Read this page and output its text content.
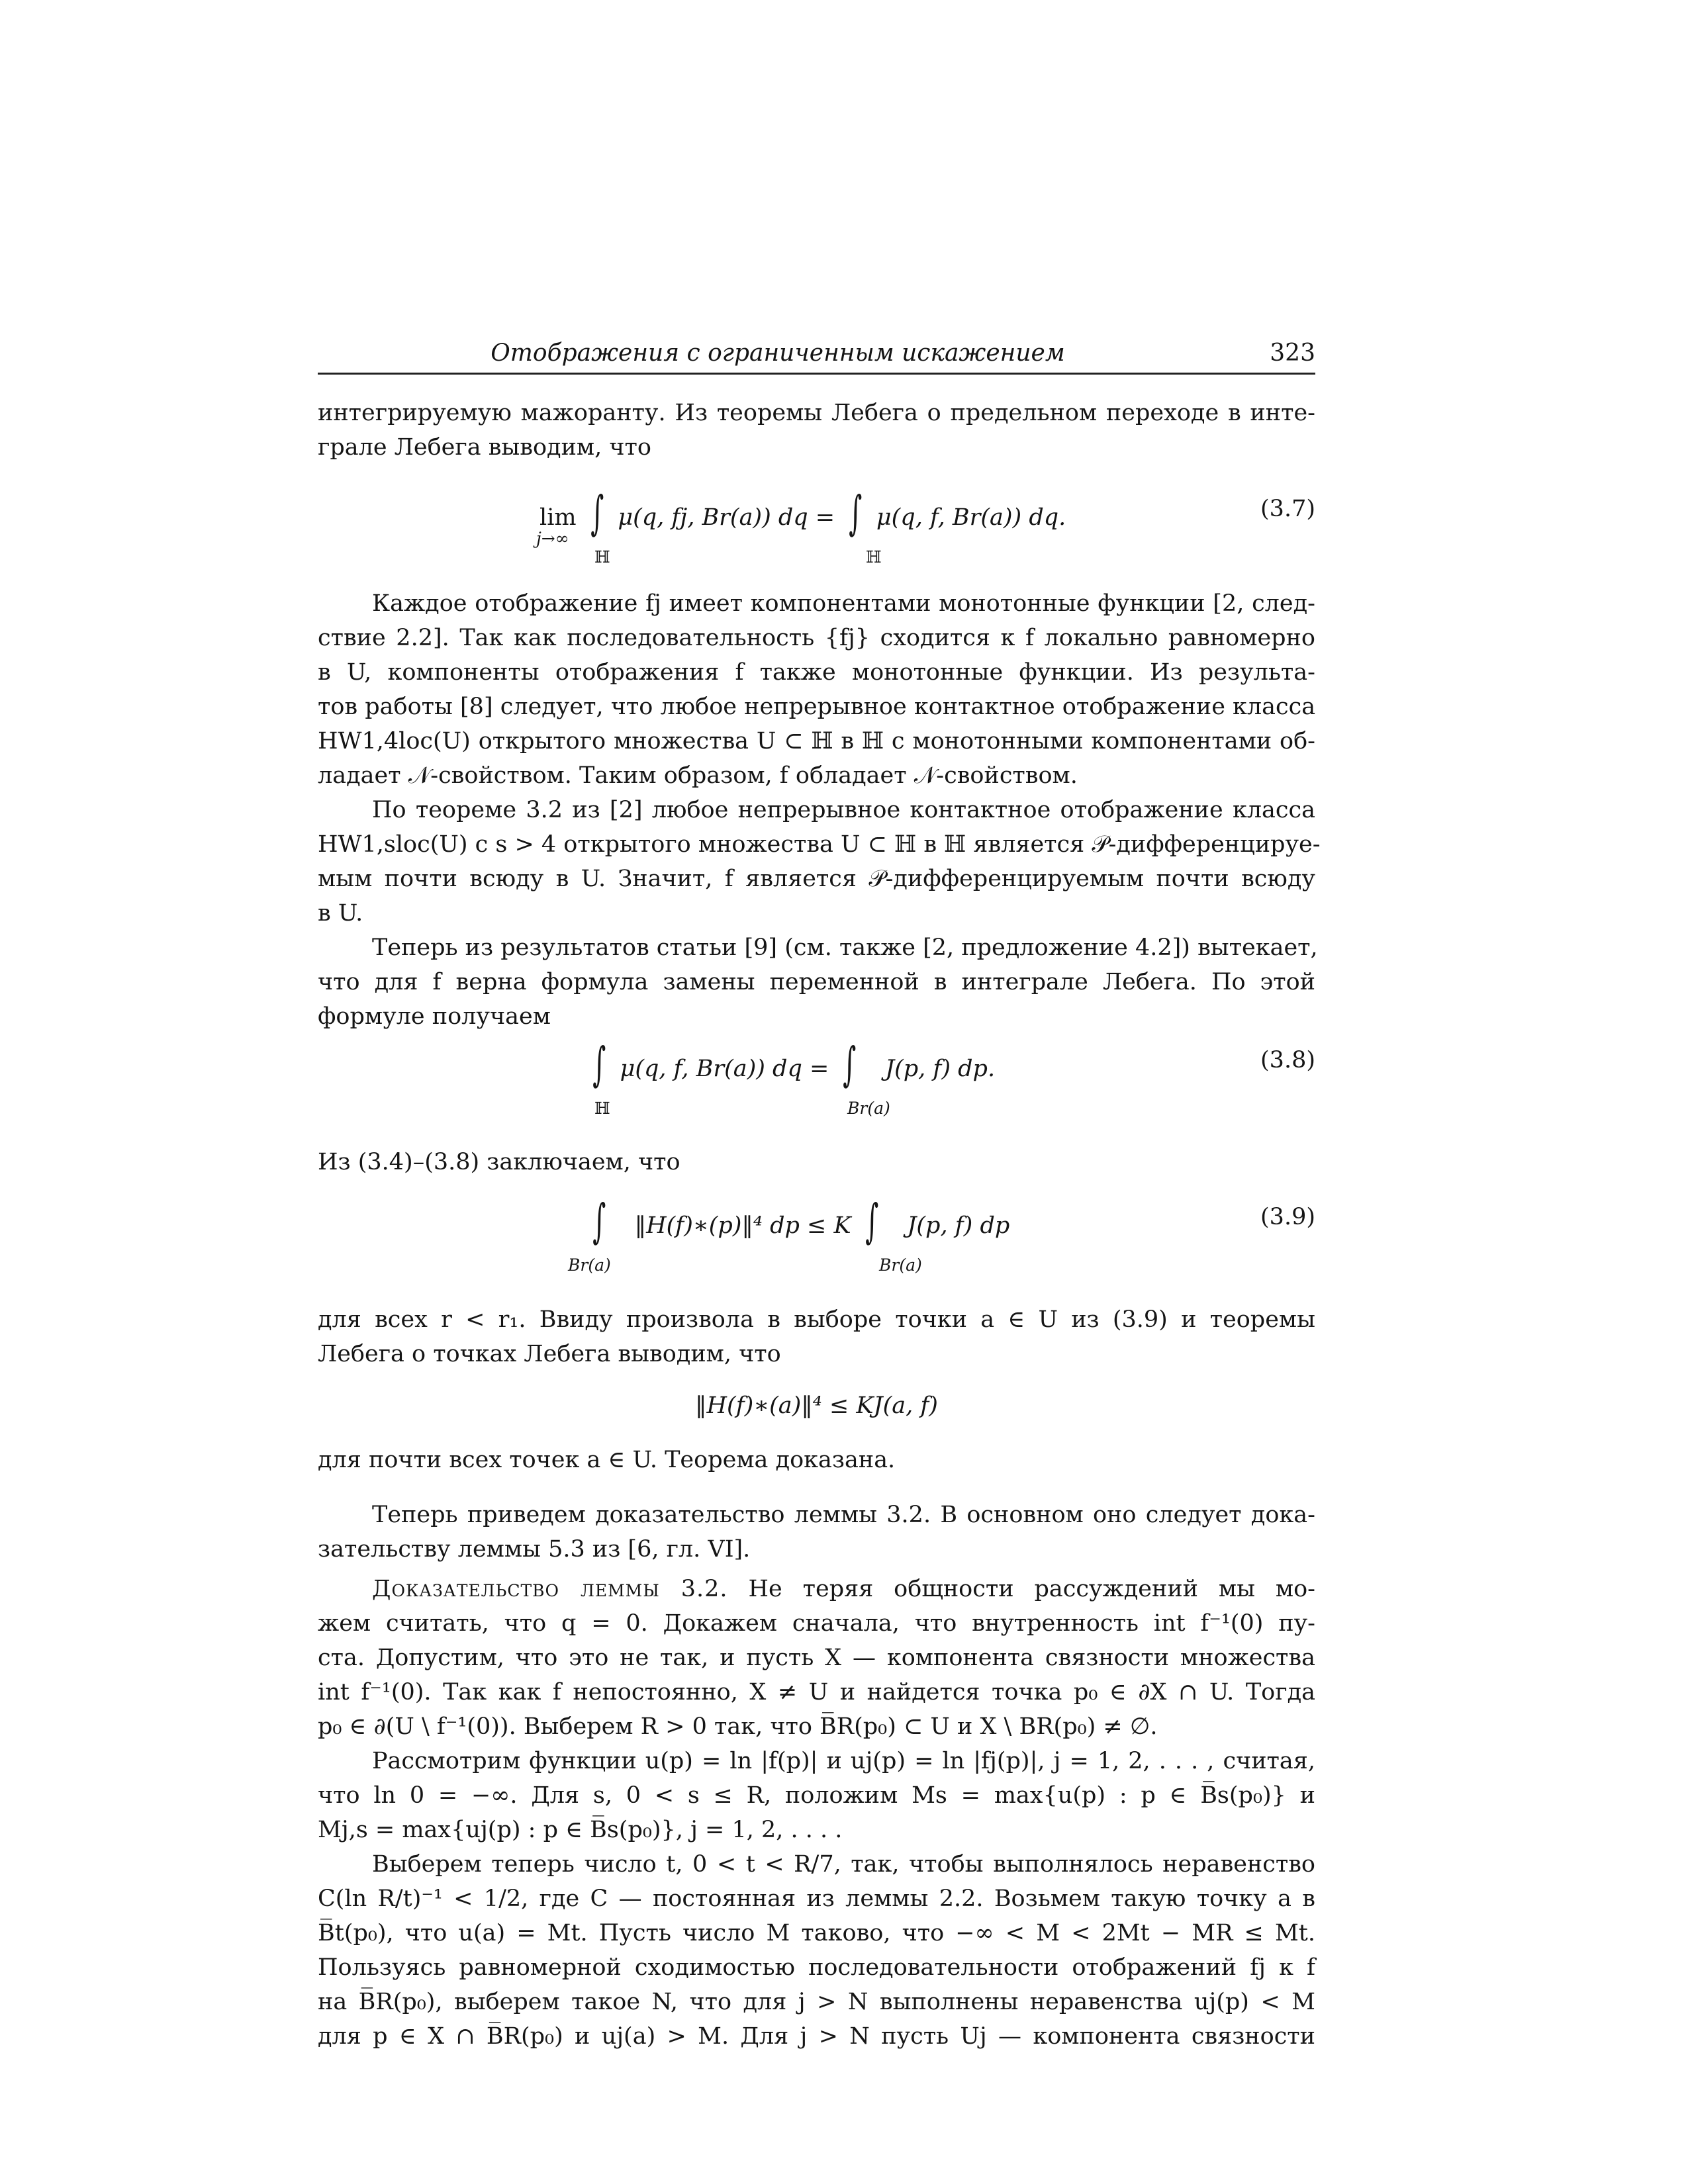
Отображения с ограниченным искажением	323
интегрируемую мажоранту. Из теоремы Лебега о предельном переходе в инте-
грале Лебега выводим, что
lim ∫ μ(q, fj, Br(a)) dq = ∫ μ(q, f, Br(a)) dq.
j→∞
ℍ	ℍ
(3.7)
Каждое отображение fj имеет компонентами монотонные функции [2, след-
ствие 2.2]. Так как последовательность {fj} сходится к f локально равномерно
в U, компоненты отображения f также монотонные функции. Из результа-
тов работы [8] следует, что любое непрерывное контактное отображение класса
HW1,4loc(U) открытого множества U ⊂ ℍ в ℍ с монотонными компонентами об-
ладает 𝒩-свойством. Таким образом, f обладает 𝒩-свойством.
По теореме 3.2 из [2] любое непрерывное контактное отображение класса
HW1,sloc(U) с s > 4 открытого множества U ⊂ ℍ в ℍ является 𝒫-дифференцируе-
мым почти всюду в U. Значит, f является 𝒫-дифференцируемым почти всюду
в U.
Теперь из результатов статьи [9] (см. также [2, предложение 4.2]) вытекает,
что для f верна формула замены переменной в интеграле Лебега. По этой
формуле получаем
∫ μ(q, f, Br(a)) dq = ∫ J(p, f) dp.
ℍ	Br(a)
(3.8)
Из (3.4)–(3.8) заключаем, что
∫ ‖H(f)∗(p)‖⁴ dp ≤ K ∫ J(p, f) dp
Br(a)	Br(a)
(3.9)
для всех r < r₁. Ввиду произвола в выборе точки a ∈ U из (3.9) и теоремы
Лебега о точках Лебега выводим, что
‖H(f)∗(a)‖⁴ ≤ KJ(a, f)
для почти всех точек a ∈ U. Теорема доказана.
Теперь приведем доказательство леммы 3.2. В основном оно следует дока-
зательству леммы 5.3 из [6, гл. VI].
Доказательство леммы 3.2. Не теряя общности рассуждений мы мо-
жем считать, что q = 0. Докажем сначала, что внутренность int f⁻¹(0) пу-
ста. Допустим, что это не так, и пусть X — компонента связности множества
int f⁻¹(0). Так как f непостоянно, X ≠ U и найдется точка p₀ ∈ ∂X ∩ U. Тогда
p₀ ∈ ∂(U \ f⁻¹(0)). Выберем R > 0 так, что B̅R(p₀) ⊂ U и X \ BR(p₀) ≠ ∅.
Рассмотрим функции u(p) = ln |f(p)| и uj(p) = ln |fj(p)|, j = 1, 2, . . . , считая,
что ln 0 = −∞. Для s, 0 < s ≤ R, положим Ms = max{u(p) : p ∈ B̅s(p₀)} и
Mj,s = max{uj(p) : p ∈ B̅s(p₀)}, j = 1, 2, . . . .
Выберем теперь число t, 0 < t < R/7, так, чтобы выполнялось неравенство
C(ln R/t)⁻¹ < 1/2, где C — постоянная из леммы 2.2. Возьмем такую точку a в
B̅t(p₀), что u(a) = Mt. Пусть число M таково, что −∞ < M < 2Mt − MR ≤ Mt.
Пользуясь равномерной сходимостью последовательности отображений fj к f
на B̅R(p₀), выберем такое N, что для j > N выполнены неравенства uj(p) < M
для p ∈ X ∩ B̅R(p₀) и uj(a) > M. Для j > N пусть Uj — компонента связности
